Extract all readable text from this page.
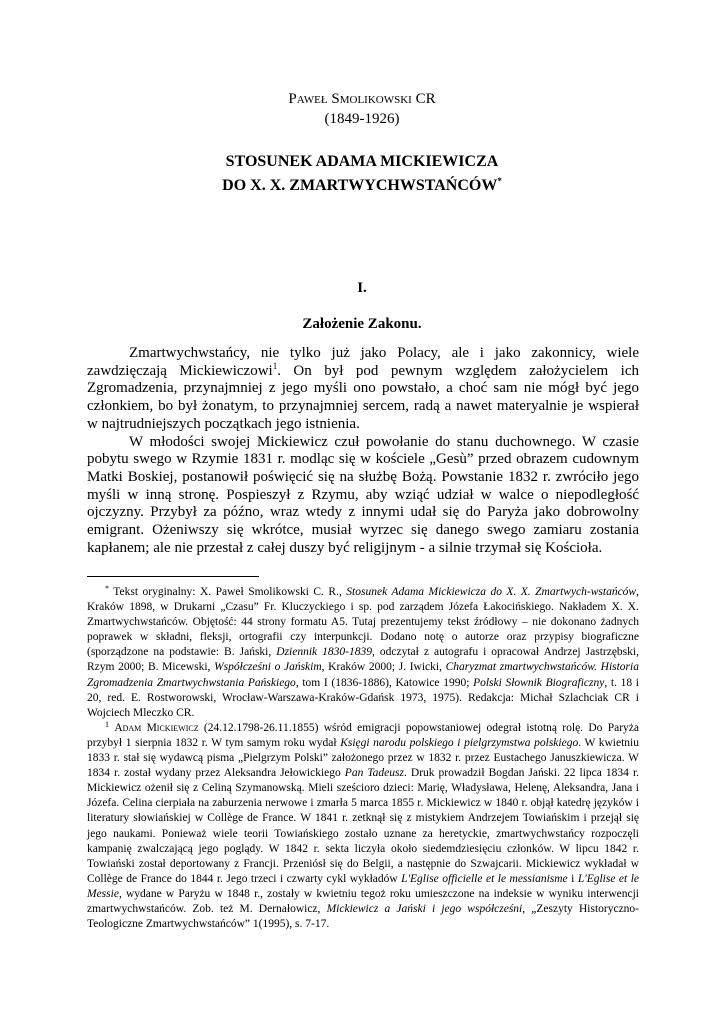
Paweł Smolikowski CR
(1849-1926)
STOSUNEK ADAMA MICKIEWICZA
DO X. X. ZMARTWYCHWSTAŃCÓW*
I.
Założenie Zakonu.

Zmartwychwstańcy, nie tylko już jako Polacy, ale i jako zakonnicy, wiele zawdzięczają Mickiewiczowi$^1$. On był pod pewnym względem założycielem ich Zgromadzenia, przynajmniej z jego myśli ono powstało, a choć sam nie mógł być jego członkiem, bo był żonatym, to przynajmniej sercem, radą a nawet materyalnie je wspierał w najtrudniejszych początkach jego istnienia.

W młodości swojej Mickiewicz czuł powołanie do stanu duchownego. W czasie pobytu swego w Rzymie 1831 r. modląc się w kościele „Gesù” przed obrazem cudownym Matki Boskiej, postanowił poświęcić się na służbę Bożą. Powstanie 1832 r. zwróciło jego myśli w inną stronę. Pospieszył z Rzymu, aby wziąć udział w walce o niepodległość ojczyzny. Przybył za późno, wraz wtedy z innymi udał się do Paryża jako dobrowolny emigrant. Ożeniwszy się wkrótce, musiał wyrzec się danego swego zamiaru zostania kapłanem; ale nie przestał z całej duszy być religijnym - a silnie trzymał się Kościoła.

* Tekst oryginalny: X. Paweł Smolikowski C. R., Stosunek Adama Mickiewicza do X. X. Zmartwych-wstańców, Kraków 1898, w Drukarni „Czasu” Fr. Kluczyckiego i sp. pod zarządem Józefa Łakocińskiego. Nakładem X. X. Zmartwychwstańców. Objętość: 44 strony formatu A5. Tutaj prezentujemy tekst źródłowy – nie dokonano żadnych poprawek w składni, fleksji, ortografii czy interpunkcji. Dodano notę o autorze oraz przypisy biograficzne (sporządzone na podstawie: B. Jański, Dziennik 1830-1839, odczytał z autografu i opracował Andrzej Jastrzębski, Rzym 2000; B. Micewski, Współcześni o Jańskim, Kraków 2000; J. Iwicki, Charyzmat zmartwychwstańców. Historia Zgromadzenia Zmartwychwstania Pańskiego, tom I (1836-1886), Katowice 1990; Polski Słownik Biograficzny, t. 18 i 20, red. E. Rostworowski, Wrocław-Warszawa-Kraków-Gdańsk 1973, 1975). Redakcja: Michał Szlachciak CR i Wojciech Mleczko CR.

$^1$ Adam Mickiewicz (24.12.1798-26.11.1855) wśród emigracji popowstaniowej odegrał istotną rolę. Do Paryża przybył 1 sierpnia 1832 r. W tym samym roku wydał Księgi narodu polskiego i pielgrzymstwa polskiego. W kwietniu 1833 r. stał się wydawcą pisma „Pielgrzym Polski” założonego przez w 1832 r. przez Eustachego Januszkiewicza. W 1834 r. został wydany przez Aleksandra Jełowickiego Pan Tadeusz. Druk prowadził Bogdan Jański. 22 lipca 1834 r. Mickiewicz ożenił się z Celiną Szymanowską. Mieli sześcioro dzieci: Marię, Władysława, Helenę, Aleksandra, Jana i Józefa. Celina cierpiała na zaburzenia nerwowe i zmarła 5 marca 1855 r. Mickiewicz w 1840 r. objął katedrę języków i literatury słowiańskiej w Collège de France. W 1841 r. zetknął się z mistykiem Andrzejem Towiańskim i przejął się jego naukami. Ponieważ wiele teorii Towiańskiego zostało uznane za heretyckie, zmartwychwstańcy rozpoczęli kampanię zwalczającą jego poglądy. W 1842 r. sekta liczyła około siedemdziesięciu członków. W lipcu 1842 r. Towiański został deportowany z Francji. Przeniósł się do Belgii, a następnie do Szwajcarii. Mickiewicz wykładał w Collège de France do 1844 r. Jego trzeci i czwarty cykl wykładów L'Eglise officielle et le messianisme i L'Eglise et le Messie, wydane w Paryżu w 1848 r., zostały w kwietniu tegoż roku umieszczone na indeksie w wyniku interwencji zmartwychwstańców. Zob. też M. Dernałowicz, Mickiewicz a Jański i jego współcześni, „Zeszyty Historyczno-Teologiczne Zmartwychwstańców” 1(1995), s. 7-17.
